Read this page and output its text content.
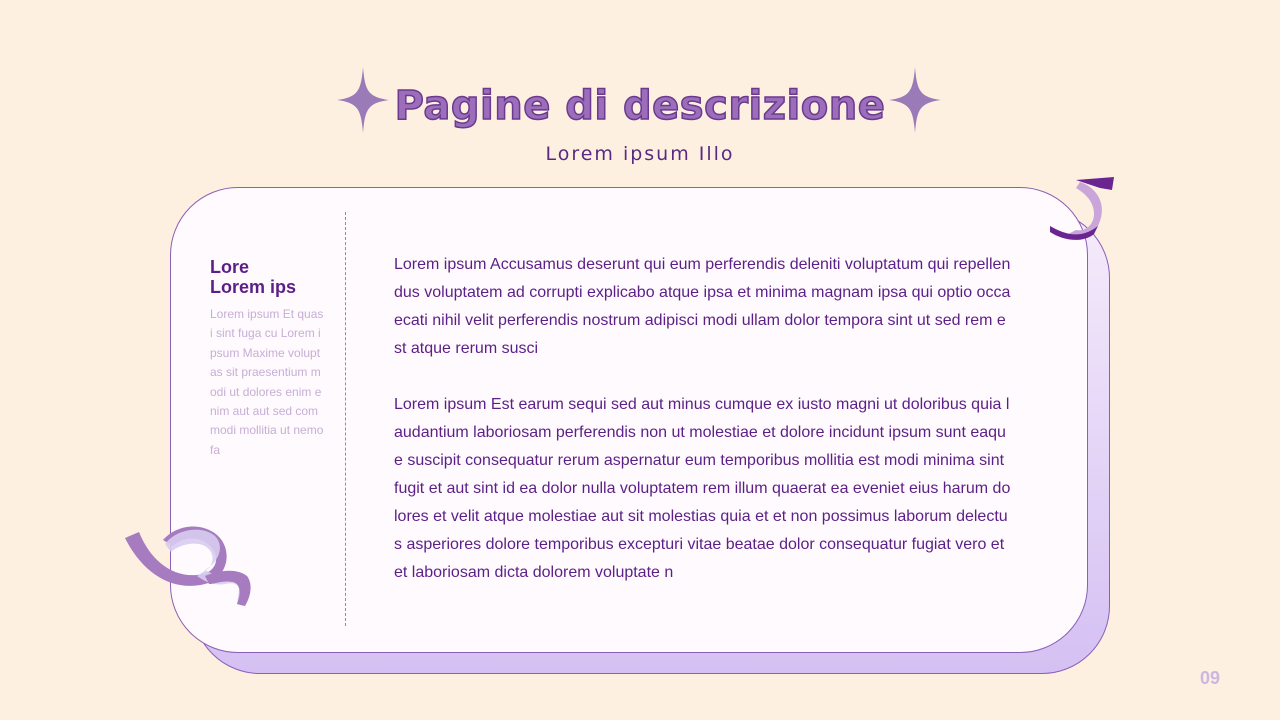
Pagine di descrizione
Lorem ipsum Illo
Lore
Lorem ips
Lorem ipsum Et quasi sint fuga cu Lorem ipsum Maxime voluptas sit praesentium modi ut dolores enim enim aut aut sed commodi mollitia ut nemo fa
Lorem ipsum Accusamus deserunt qui eum perferendis deleniti voluptatum qui repellendus voluptatem ad corrupti explicabo atque ipsa et minima magnam ipsa qui optio occaecati nihil velit perferendis nostrum adipisci modi ullam dolor tempora sint ut sed rem est atque rerum susci
Lorem ipsum Est earum sequi sed aut minus cumque ex iusto magni ut doloribus quia laudantium laboriosam perferendis non ut molestiae et dolore incidunt ipsum sunt eaque suscipit consequatur rerum aspernatur eum temporibus mollitia est modi minima sint fugit et aut sint id ea dolor nulla voluptatem rem illum quaerat ea eveniet eius harum dolores et velit atque molestiae aut sit molestias quia et et non possimus laborum delectus asperiores dolore temporibus excepturi vitae beatae dolor consequatur fugiat vero et et laboriosam dicta dolorem voluptate n
09
